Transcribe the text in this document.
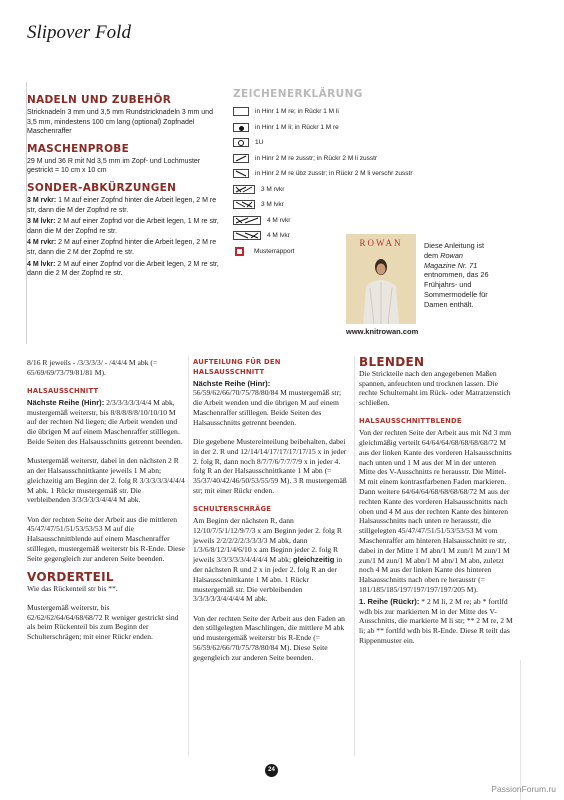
Slipover Fold
NADELN UND ZUBEHÖR
Stricknadeln 3 mm und 3,5 mm Rundstricknadeln 3 mm und 3,5 mm, mindestens 100 cm lang (optional) Zopfnadel Maschenraffer
MASCHENPROBE
29 M und 36 R mit Nd 3,5 mm im Zopf- und Lochmuster gestrickt = 10 cm x 10 cm
SONDER-ABKÜRZUNGEN
3 M rvkr: 1 M auf einer Zopfnd hinter die Arbeit legen, 2 M re str, dann die M der Zopfnd re str.
3 M lvkr: 2 M auf einer Zopfnd vor die Arbeit legen, 1 M re str, dann die M der Zopfnd re str.
4 M rvkr: 2 M auf einer Zopfnd hinter die Arbeit legen, 2 M re str, dann die 2 M der Zopfnd re str.
4 M lvkr: 2 M auf einer Zopfnd vor die Arbeit legen, 2 M re str, dann die 2 M der Zopfnd re str.
ZEICHENERKLÄRUNG
in Hinr 1 M re; in Rückr 1 M li
in Hinr 1 M li; in Rückr 1 M re
1U
in Hinr 2 M re zusstr; in Rückr 2 M li zusstr
in Hinr 2 M re übz zusstr; in Rückr 2 M li verschr zusstr
3 M rvkr
3 M lvkr
4 M rvkr
4 M lvkr
Musterrapport
ROWAN	Diese Anleitung ist dem Rowan Magazine Nr. 71 entnommen, das 26 Frühjahrs- und Sommermodelle für Damen enthält.
www.knitrowan.com

8/16 R jeweils - /3/3/3/3/ - /4/4/4 M abk (= 65/69/69/73/79/81/81 M).

HALSAUSSCHNITT

Nächste Reihe (Hinr): 2/3/3/3/3/3/4/4 M abk, mustergemäß weiterstr, bis 8/8/8/8/8/10/10/10 M auf der rechten Nd liegen; die Arbeit wenden und die übrigen M auf einem Maschenraffer stilllegen. Beide Seiten des Halsausschnitts getrennt beenden.

Mustergemäß weiterstr, dabei in den nächsten 2 R an der Halsausschnittkante jeweils 1 M abn; gleichzeitig am Beginn der 2. folg R 3/3/3/3/3/4/4/4 M abk. 1 Rückr mustergemäß str. Die verbleibenden 3/3/3/3/3/4/4/4 M abk.

Von der rechten Seite der Arbeit aus die mittleren 45/47/47/51/51/53/53/53 M auf die Halsausschnittblende auf einem Maschenraffer stilllegen, mustergemäß weiterstr bis R-Ende. Diese Seite gegengleich zur anderen Seite beenden.

VORDERTEIL

Wie das Rückenteil str bis **.

Mustergemäß weiterstr, bis 62/62/62/64/64/68/68/72 R weniger gestrickt sind als beim Rückenteil bis zum Beginn der Schulterschrägen; mit einer Rückr enden.

AUFTEILUNG FÜR DEN HALSAUSSCHNITT

Nächste Reihe (Hinr): 56/59/62/66/70/75/78/80/84 M mustergemäß str; die Arbeit wenden und die übrigen M auf einem Maschenraffer stilllegen. Beide Seiten des Halsausschnitts getrennt beenden.

Die gegebene Mustereinteilung beibehalten, dabei in der 2. R und 12/14/14/17/17/17/17/15 x in jeder 2. folg R, dann noch 8/7/7/6/7/7/7/9 x in jeder 4. folg R an der Halsausschnittkante 1 M abn (= 35/37/40/42/46/50/53/55/59 M). 3 R mustergemäß str; mit einer Rückr enden.

SCHULTERSCHRÄGE

Am Beginn der nächsten R, dann 12/10/7/5/1/12/9/7/3 x am Beginn jeder 2. folg R jeweils 2/2/2/2/2/3/3/3/3 M abk, dann 1/3/6/8/12/1/4/6/10 x am Beginn jeder 2. folg R jeweils 3/3/3/3/3/4/4/4/4 M abk; gleichzeitig in der nächsten R und 2 x in jeder 2. folg R an der Halsausschnittkante 1 M abn. 1 Rückr mustergemäß str. Die verbleibenden 3/3/3/3/3/4/4/4/4 M abk.

Von der rechten Seite der Arbeit aus den Faden an den stillgelegten Maschlingen, die mittlere M abk und mustergemäß weiterstr bis R-Ende (= 56/59/62/66/70/75/78/80/84 M). Diese Seite gegengleich zur anderen Seite beenden.

BLENDEN

Die Strickteile nach den angegebenen Maßen spannen, anfeuchten und trocknen lassen. Die rechte Schulternaht im Rück- oder Matratzenstich schließen.

HALSAUSSCHNITTBLENDE

Von der rechten Seite der Arbeit aus mit Nd 3 mm gleichmäßig verteilt 64/64/64/68/68/68/68/72 M aus der linken Kante des vorderen Halsausschnitts nach unten und 1 M aus der M in der unteren Mitte des V-Ausschnitts re herausstr. Die Mittel-M mit einem kontrastfarbenen Faden markieren. Dann weitere 64/64/64/68/68/68/68/72 M aus der rechten Kante des vorderen Halsausschnitts nach oben und 4 M aus der rechten Kante des hinteren Halsausschnitts nach unten re herausstr, die stillgelegten 45/47/47/51/51/53/53/53 M vom Maschenraffer am hinteren Halsausschnitt re str, dabei in der Mitte 1 M abn/1 M zun/1 M zun/1 M zun/1 M zun/1 M abn/1 M abn/1 M abn, zuletzt noch 4 M aus der linken Kante des hinteren Halsausschnitts nach oben re herausstr (= 181/185/185/197/197/197/197/205 M).

1. Reihe (Rückr): * 2 M li, 2 M re; ab * fortlfd wdh bis zur markierten M in der Mitte des V-Ausschnitts, die markierte M li str; ** 2 M re, 2 M li; ab ** fortlfd wdh bis R-Ende. Diese R teilt das Rippenmuster ein.

24
PassionForum.ru
